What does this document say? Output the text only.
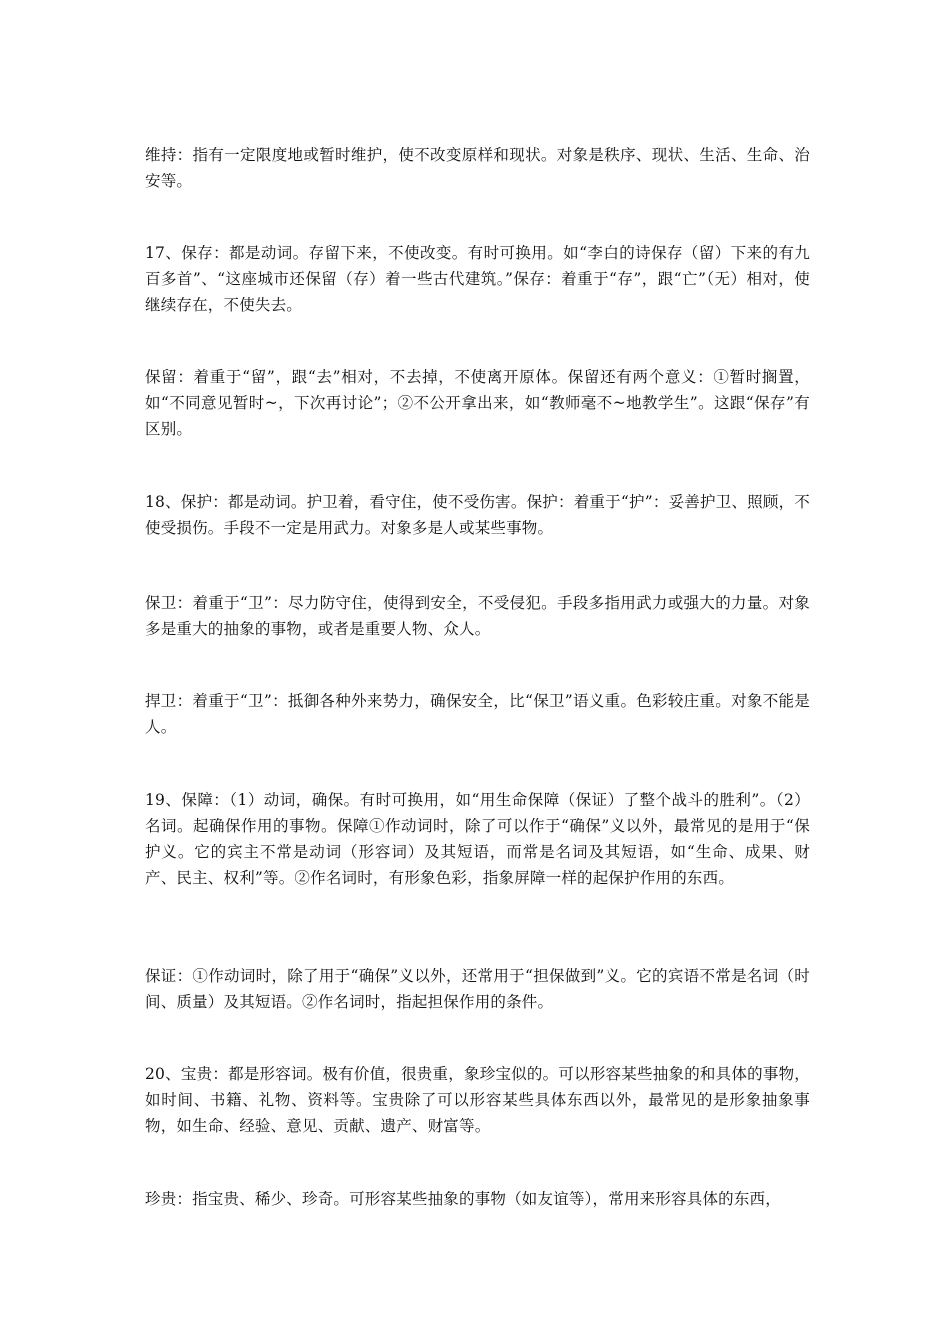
维持：指有一定限度地或暂时维护，使不改变原样和现状。对象是秩序、现状、生活、生命、治安等。

17、保存：都是动词。存留下来，不使改变。有时可换用。如“李白的诗保存（留）下来的有九百多首”、“这座城市还保留（存）着一些古代建筑。”保存：着重于“存”，跟“亡”（无）相对，使继续存在，不使失去。

保留：着重于“留”，跟“去”相对，不去掉，不使离开原体。保留还有两个意义：①暂时搁置，如“不同意见暂时~，下次再讨论”；②不公开拿出来，如“教师毫不~地教学生”。这跟“保存”有区别。

18、保护：都是动词。护卫着，看守住，使不受伤害。保护：着重于“护”：妥善护卫、照顾，不使受损伤。手段不一定是用武力。对象多是人或某些事物。

保卫：着重于“卫”：尽力防守住，使得到安全，不受侵犯。手段多指用武力或强大的力量。对象多是重大的抽象的事物，或者是重要人物、众人。

捍卫：着重于“卫”：抵御各种外来势力，确保安全，比“保卫”语义重。色彩较庄重。对象不能是人。

19、保障：（1）动词，确保。有时可换用，如“用生命保障（保证）了整个战斗的胜利”。（2）名词。起确保作用的事物。保障①作动词时，除了可以作于“确保”义以外，最常见的是用于“保护义。它的宾主不常是动词（形容词）及其短语，而常是名词及其短语，如“生命、成果、财产、民主、权利”等。②作名词时，有形象色彩，指象屏障一样的起保护作用的东西。

保证：①作动词时，除了用于“确保”义以外，还常用于“担保做到”义。它的宾语不常是名词（时间、质量）及其短语。②作名词时，指起担保作用的条件。

20、宝贵：都是形容词。极有价值，很贵重，象珍宝似的。可以形容某些抽象的和具体的事物，如时间、书籍、礼物、资料等。宝贵除了可以形容某些具体东西以外，最常见的是形象抽象事物，如生命、经验、意见、贡献、遗产、财富等。

珍贵：指宝贵、稀少、珍奇。可形容某些抽象的事物（如友谊等），常用来形容具体的东西，
